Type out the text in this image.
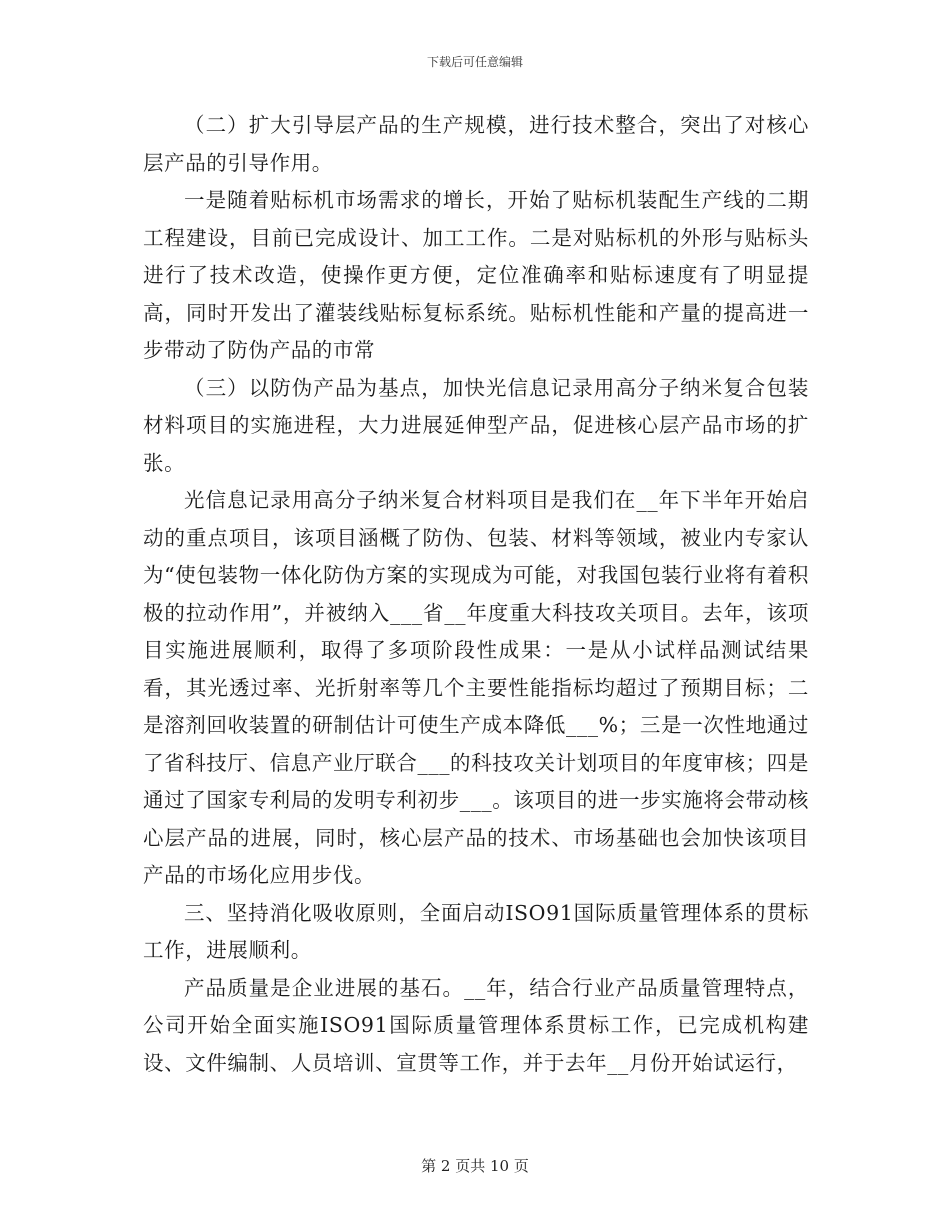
下载后可任意编辑

（二）扩大引导层产品的生产规模，进行技术整合，突出了对核心层产品的引导作用。

一是随着贴标机市场需求的增长，开始了贴标机装配生产线的二期工程建设，目前已完成设计、加工工作。二是对贴标机的外形与贴标头进行了技术改造，使操作更方便，定位准确率和贴标速度有了明显提高，同时开发出了灌装线贴标复标系统。贴标机性能和产量的提高进一步带动了防伪产品的市常

（三）以防伪产品为基点，加快光信息记录用高分子纳米复合包装材料项目的实施进程，大力进展延伸型产品，促进核心层产品市场的扩张。

光信息记录用高分子纳米复合材料项目是我们在__年下半年开始启动的重点项目，该项目涵概了防伪、包装、材料等领域，被业内专家认为“使包装物一体化防伪方案的实现成为可能，对我国包装行业将有着积极的拉动作用”，并被纳入___省__年度重大科技攻关项目。去年，该项目实施进展顺利，取得了多项阶段性成果：一是从小试样品测试结果看，其光透过率、光折射率等几个主要性能指标均超过了预期目标；二是溶剂回收装置的研制估计可使生产成本降低___%；三是一次性地通过了省科技厅、信息产业厅联合___的科技攻关计划项目的年度审核；四是通过了国家专利局的发明专利初步___。该项目的进一步实施将会带动核心层产品的进展，同时，核心层产品的技术、市场基础也会加快该项目产品的市场化应用步伐。

三、坚持消化吸收原则，全面启动ISO91国际质量管理体系的贯标工作，进展顺利。

产品质量是企业进展的基石。__年，结合行业产品质量管理特点，公司开始全面实施ISO91国际质量管理体系贯标工作，已完成机构建设、文件编制、人员培训、宣贯等工作，并于去年__月份开始试运行，

第 2 页共 10 页
